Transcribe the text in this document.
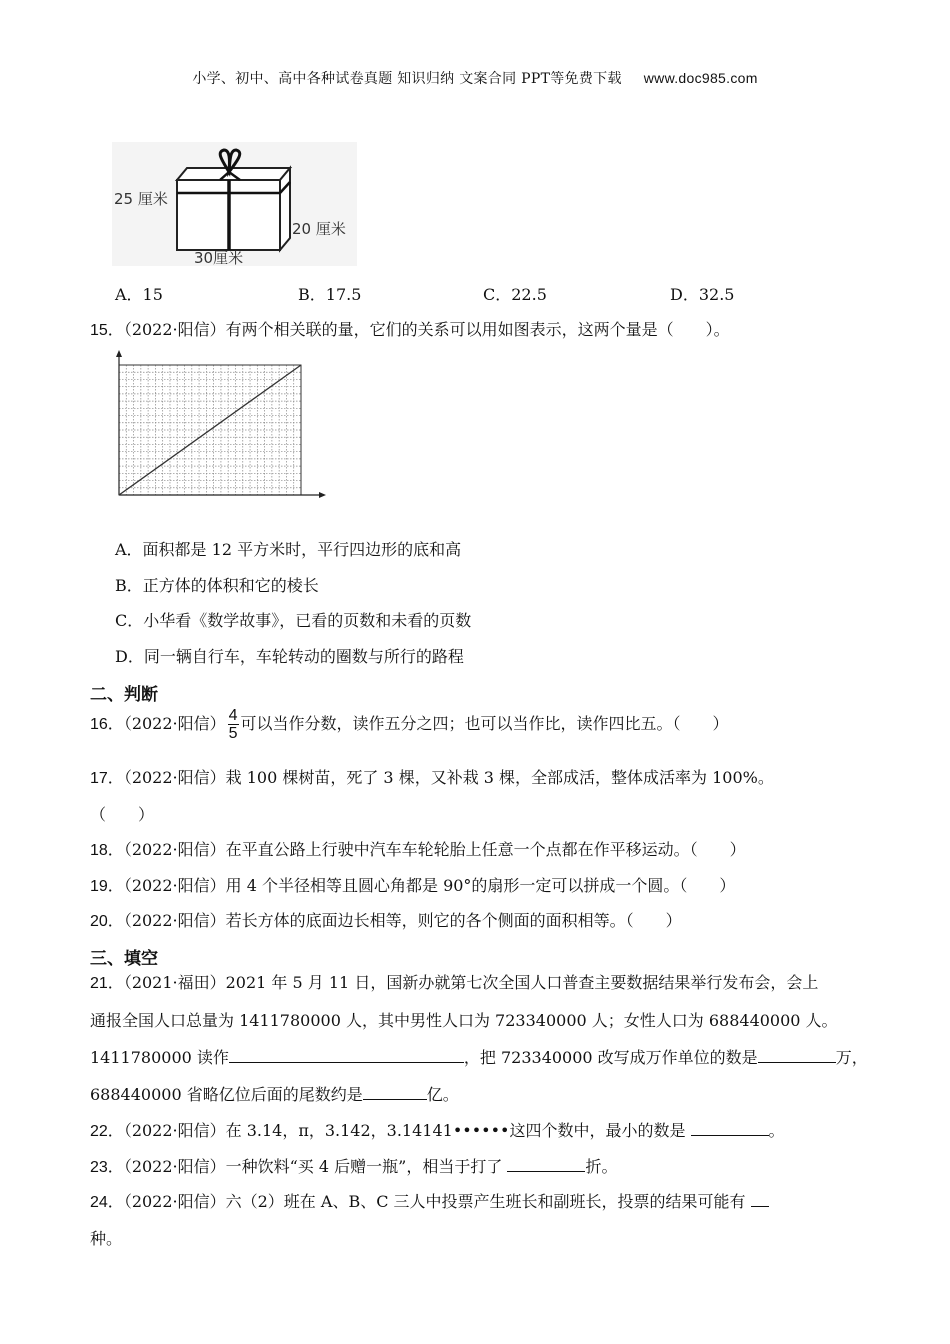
小学、初中、高中各种试卷真题 知识归纳 文案合同 PPT等免费下载 www.doc985.com
25 厘米
20 厘米
30厘米
A．15	B．17.5	C．22.5	D．32.5
15．（2022·阳信）有两个相关联的量，它们的关系可以用如图表示，这两个量是（　　）。
A．面积都是 12 平方米时，平行四边形的底和高
B．正方体的体积和它的棱长
C．小华看《数学故事》，已看的页数和未看的页数
D．同一辆自行车，车轮转动的圈数与所行的路程
二、判断
16．（2022·阳信） $\frac{4}{5}$ 可以当作分数，读作五分之四；也可以当作比，读作四比五。（　　）
17．（2022·阳信）栽 100 棵树苗，死了 3 棵，又补栽 3 棵，全部成活，整体成活率为 100%。
（　　）
18．（2022·阳信）在平直公路上行驶中汽车车轮轮胎上任意一个点都在作平移运动。（　　）
19．（2022·阳信）用 4 个半径相等且圆心角都是 90°的扇形一定可以拼成一个圆。（　　）
20．（2022·阳信）若长方体的底面边长相等，则它的各个侧面的面积相等。（　　）
三、填空
21．（2021·福田）2021 年 5 月 11 日，国新办就第七次全国人口普查主要数据结果举行发布会，会上
通报全国人口总量为 1411780000 人，其中男性人口为 723340000 人；女性人口为 688440000 人。
1411780000 读作	，把 723340000 改写成万作单位的数是	万，
688440000 省略亿位后面的尾数约是	亿。
22．（2022·阳信）在 3.14，π，3.142，3.14141••••••这四个数中，最小的数是	。
23．（2022·阳信）一种饮料“买 4 后赠一瓶”，相当于打了	折。
24．（2022·阳信）六（2）班在 A、B、C 三人中投票产生班长和副班长，投票的结果可能有
种。
